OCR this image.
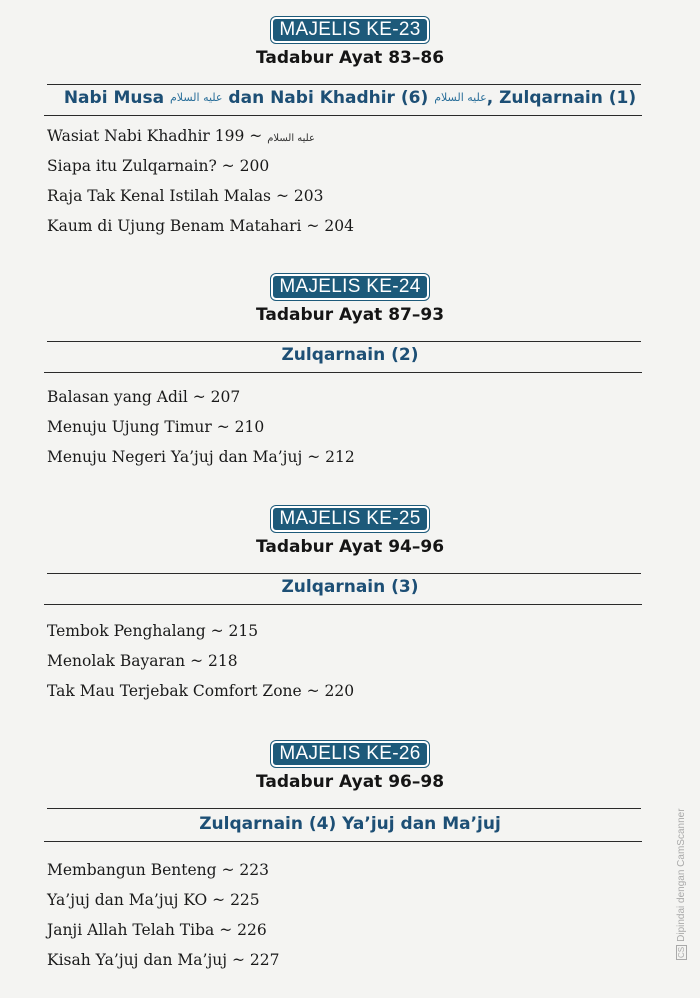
MAJELIS KE-23
Tadabur Ayat 83–86
Nabi Musa عليه السلام dan Nabi Khadhir	عليه السلام (6), Zulqarnain (1)
Wasiat Nabi Khadhir	عليه السلام ~ 199
Siapa itu Zulqarnain? ~ 200
Raja Tak Kenal Istilah Malas ~ 203
Kaum di Ujung Benam Matahari ~ 204
MAJELIS KE-24
Tadabur Ayat 87–93
Zulqarnain (2)
Balasan yang Adil ~ 207
Menuju Ujung Timur ~ 210
Menuju Negeri Ya’juj dan Ma’juj ~ 212
MAJELIS KE-25
Tadabur Ayat 94–96
Zulqarnain (3)
Tembok Penghalang ~ 215
Menolak Bayaran ~ 218
Tak Mau Terjebak Comfort Zone ~ 220
MAJELIS KE-26
Tadabur Ayat 96–98
Zulqarnain (4) Ya’juj dan Ma’juj
Membangun Benteng ~ 223
Ya’juj dan Ma’juj KO ~ 225
Janji Allah Telah Tiba ~ 226
Kisah Ya’juj dan Ma’juj ~ 227	CSDipindai dengan CamScanner
